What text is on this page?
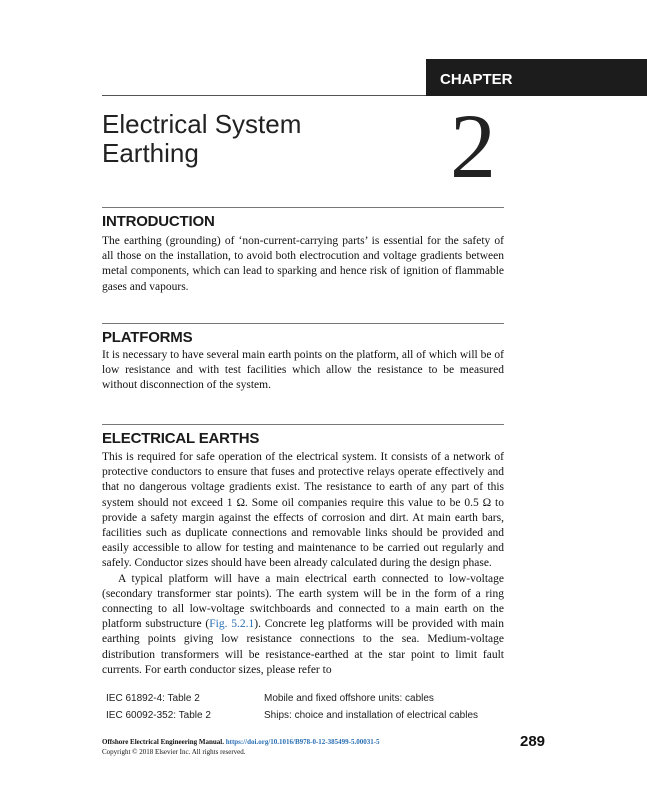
CHAPTER
Electrical System
Earthing	2
INTRODUCTION

The earthing (grounding) of ‘non-current-carrying parts’ is essential for the safety of all those on the installation, to avoid both electrocution and voltage gradients between metal components, which can lead to sparking and hence risk of ignition of flammable gases and vapours.

PLATFORMS

It is necessary to have several main earth points on the platform, all of which will be of low resistance and with test facilities which allow the resistance to be measured without disconnection of the system.

ELECTRICAL EARTHS

This is required for safe operation of the electrical system. It consists of a network of protective conductors to ensure that fuses and protective relays operate effectively and that no dangerous voltage gradients exist. The resistance to earth of any part of this system should not exceed 1 Ω. Some oil companies require this value to be 0.5 Ω to provide a safety margin against the effects of corrosion and dirt. At main earth bars, facilities such as duplicate connections and removable links should be provided and easily accessible to allow for testing and maintenance to be carried out regularly and safely. Conductor sizes should have been already calculated during the design phase.

A typical platform will have a main electrical earth connected to low-voltage (secondary transformer star points). The earth system will be in the form of a ring connecting to all low-voltage switchboards and connected to a main earth on the platform substructure (Fig. 5.2.1). Concrete leg platforms will be provided with main earthing points giving low resistance connections to the sea. Medium-voltage distribution transformers will be resistance-earthed at the star point to limit fault currents. For earth conductor sizes, please refer to

IEC 61892-4: Table 2	Mobile and fixed offshore units: cables
IEC 60092-352: Table 2	Ships: choice and installation of electrical cables
Offshore Electrical Engineering Manual. https://doi.org/10.1016/B978-0-12-385499-5.00031-5
Copyright © 2018 Elsevier Inc. All rights reserved.
289
